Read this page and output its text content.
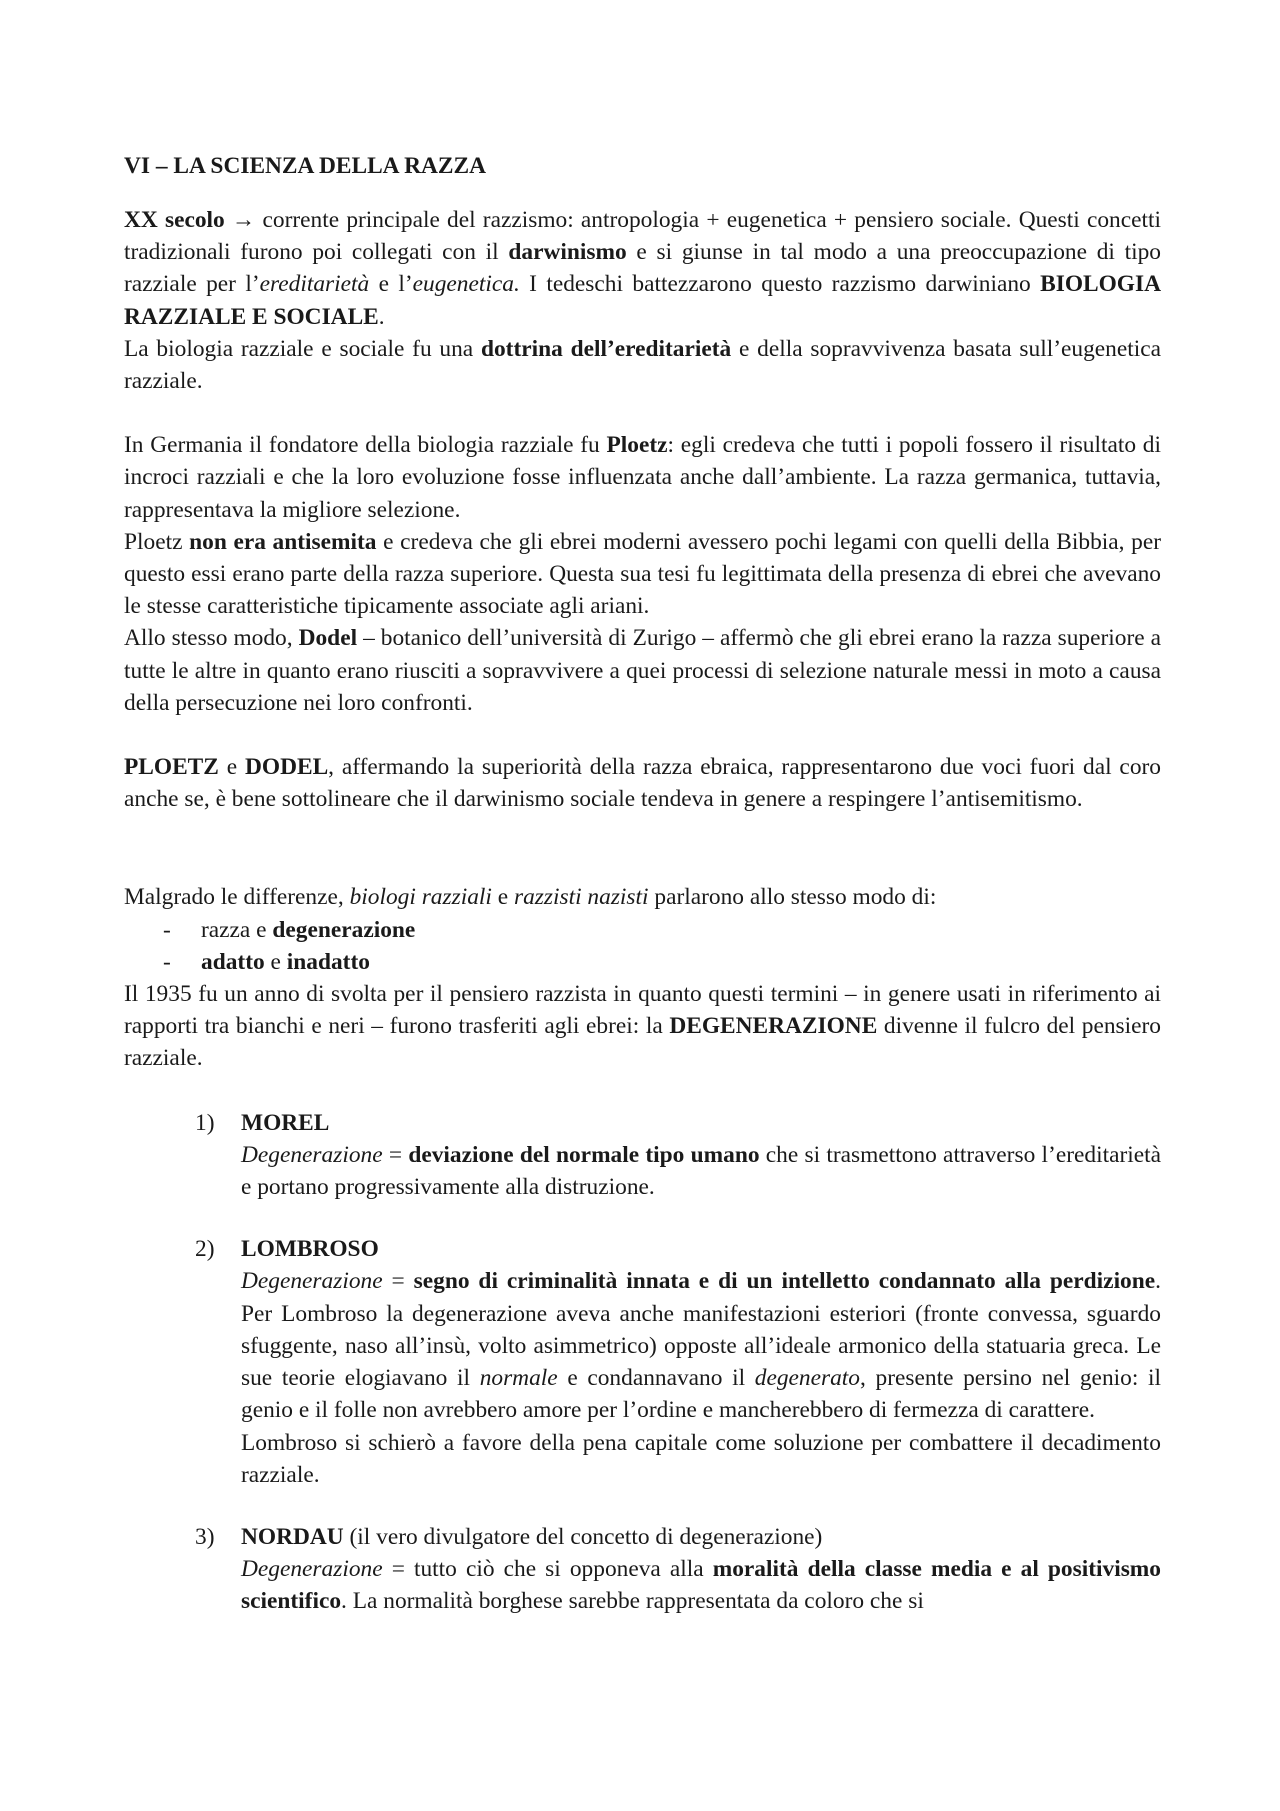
VI – LA SCIENZA DELLA RAZZA

XX secolo → corrente principale del razzismo: antropologia + eugenetica + pensiero sociale. Questi concetti tradizionali furono poi collegati con il darwinismo e si giunse in tal modo a una preoccupazione di tipo razziale per l’ereditarietà e l’eugenetica. I tedeschi battezzarono questo razzismo darwiniano BIOLOGIA RAZZIALE E SOCIALE.

La biologia razziale e sociale fu una dottrina dell’ereditarietà e della sopravvivenza basata sull’eugenetica razziale.

In Germania il fondatore della biologia razziale fu Ploetz: egli credeva che tutti i popoli fossero il risultato di incroci razziali e che la loro evoluzione fosse influenzata anche dall’ambiente. La razza germanica, tuttavia, rappresentava la migliore selezione.

Ploetz non era antisemita e credeva che gli ebrei moderni avessero pochi legami con quelli della Bibbia, per questo essi erano parte della razza superiore. Questa sua tesi fu legittimata della presenza di ebrei che avevano le stesse caratteristiche tipicamente associate agli ariani.

Allo stesso modo, Dodel – botanico dell’università di Zurigo – affermò che gli ebrei erano la razza superiore a tutte le altre in quanto erano riusciti a sopravvivere a quei processi di selezione naturale messi in moto a causa della persecuzione nei loro confronti.

PLOETZ e DODEL, affermando la superiorità della razza ebraica, rappresentarono due voci fuori dal coro anche se, è bene sottolineare che il darwinismo sociale tendeva in genere a respingere l’antisemitismo.

Malgrado le differenze, biologi razziali e razzisti nazisti parlarono allo stesso modo di:

- razza e degenerazione
- adatto e inadatto

Il 1935 fu un anno di svolta per il pensiero razzista in quanto questi termini – in genere usati in riferimento ai rapporti tra bianchi e neri – furono trasferiti agli ebrei: la DEGENERAZIONE divenne il fulcro del pensiero razziale.

1) MOREL

Degenerazione = deviazione del normale tipo umano che si trasmettono attraverso l’ereditarietà e portano progressivamente alla distruzione.

2) LOMBROSO

Degenerazione = segno di criminalità innata e di un intelletto condannato alla perdizione. Per Lombroso la degenerazione aveva anche manifestazioni esteriori (fronte convessa, sguardo sfuggente, naso all’insù, volto asimmetrico) opposte all’ideale armonico della statuaria greca. Le sue teorie elogiavano il normale e condannavano il degenerato, presente persino nel genio: il genio e il folle non avrebbero amore per l’ordine e mancherebbero di fermezza di carattere.

Lombroso si schierò a favore della pena capitale come soluzione per combattere il decadimento razziale.

3) NORDAU (il vero divulgatore del concetto di degenerazione)

Degenerazione = tutto ciò che si opponeva alla moralità della classe media e al positivismo scientifico. La normalità borghese sarebbe rappresentata da coloro che si
